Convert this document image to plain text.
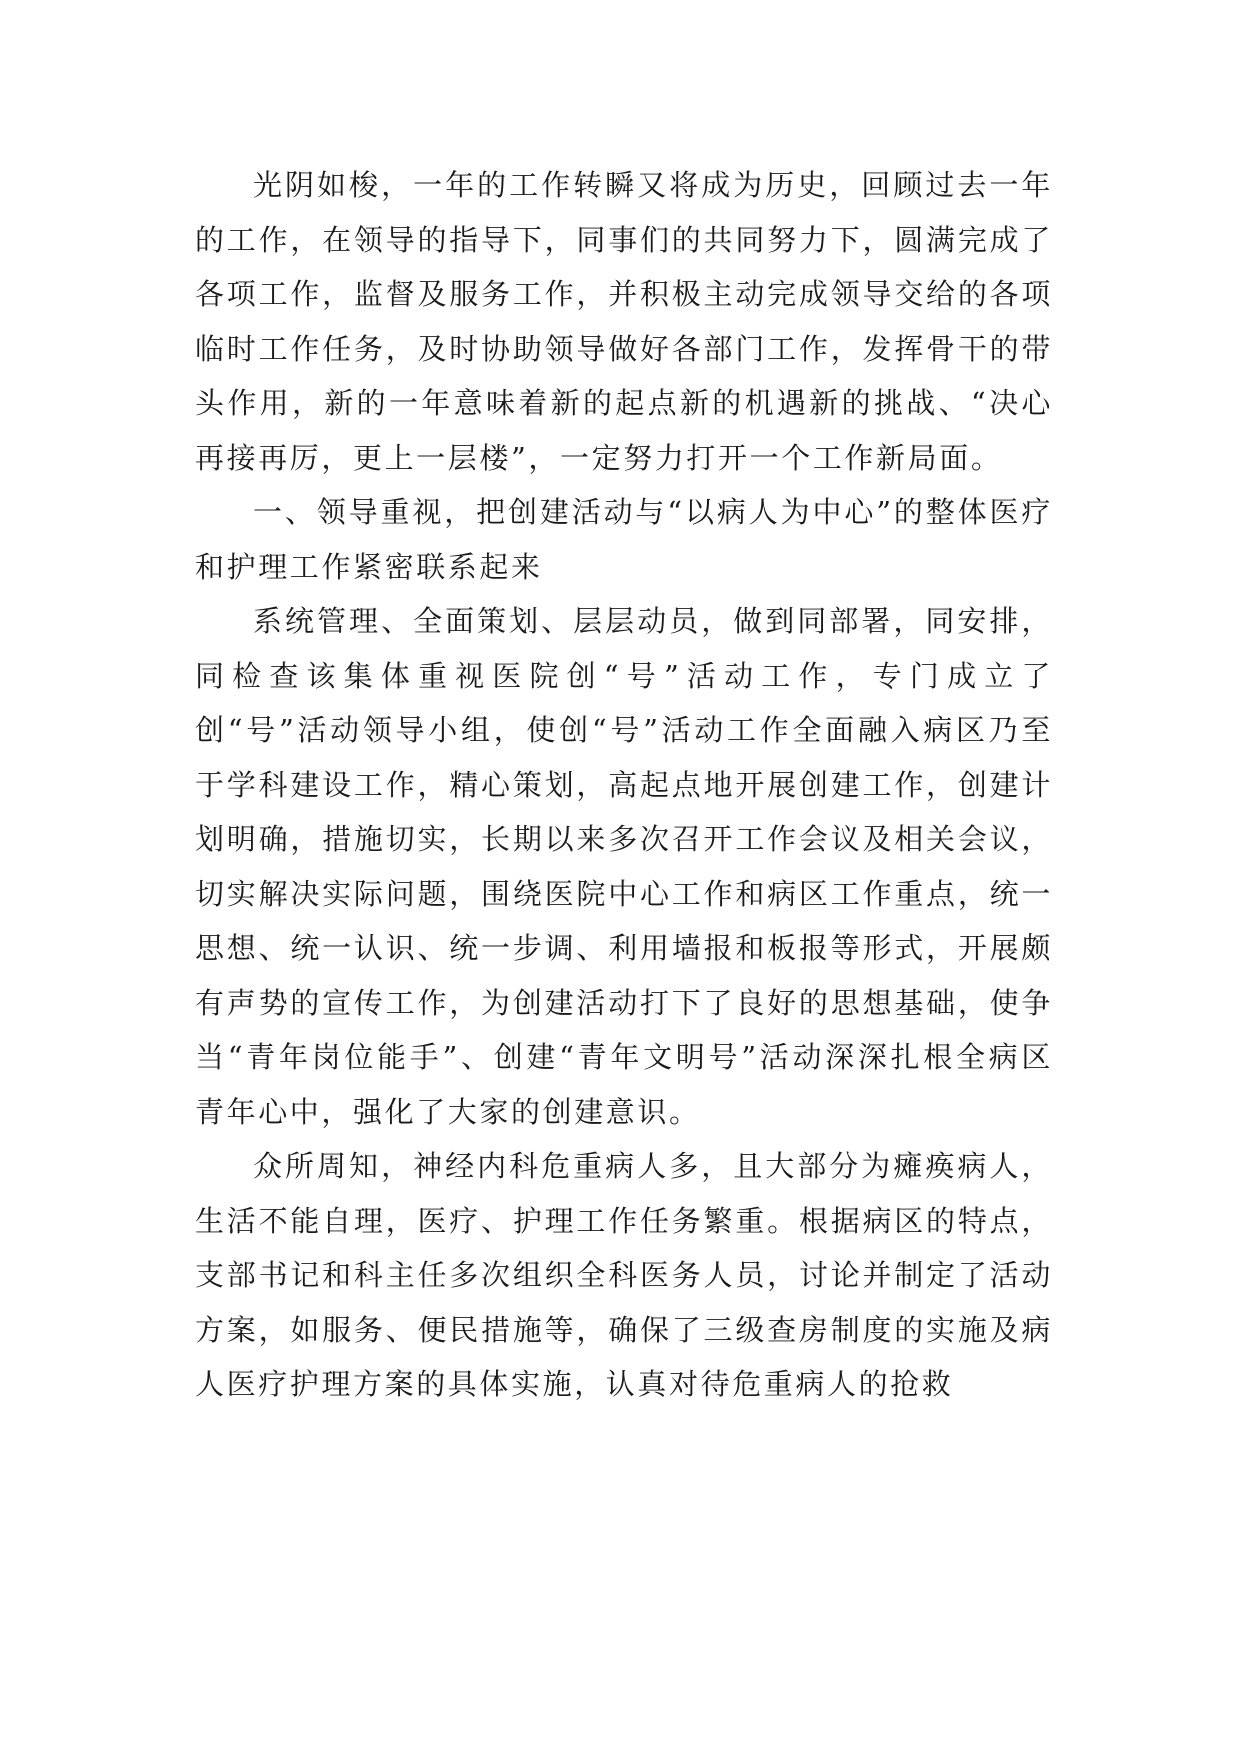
光阴如梭，一年的工作转瞬又将成为历史，回顾过去一年的工作，在领导的指导下，同事们的共同努力下，圆满完成了各项工作，监督及服务工作，并积极主动完成领导交给的各项临时工作任务，及时协助领导做好各部门工作，发挥骨干的带头作用，新的一年意味着新的起点新的机遇新的挑战、“决心再接再厉，更上一层楼”，一定努力打开一个工作新局面。

一、领导重视，把创建活动与“以病人为中心”的整体医疗和护理工作紧密联系起来

系统管理、全面策划、层层动员，做到同部署，同安排，同检查该集体重视医院创“号”活动工作，专门成立了创“号”活动领导小组，使创“号”活动工作全面融入病区乃至于学科建设工作，精心策划，高起点地开展创建工作，创建计划明确，措施切实，长期以来多次召开工作会议及相关会议，切实解决实际问题，围绕医院中心工作和病区工作重点，统一思想、统一认识、统一步调、利用墙报和板报等形式，开展颇有声势的宣传工作，为创建活动打下了良好的思想基础，使争当“青年岗位能手”、创建“青年文明号”活动深深扎根全病区青年心中，强化了大家的创建意识。

众所周知，神经内科危重病人多，且大部分为瘫痪病人，生活不能自理，医疗、护理工作任务繁重。根据病区的特点，支部书记和科主任多次组织全科医务人员，讨论并制定了活动方案，如服务、便民措施等，确保了三级查房制度的实施及病人医疗护理方案的具体实施，认真对待危重病人的抢救
